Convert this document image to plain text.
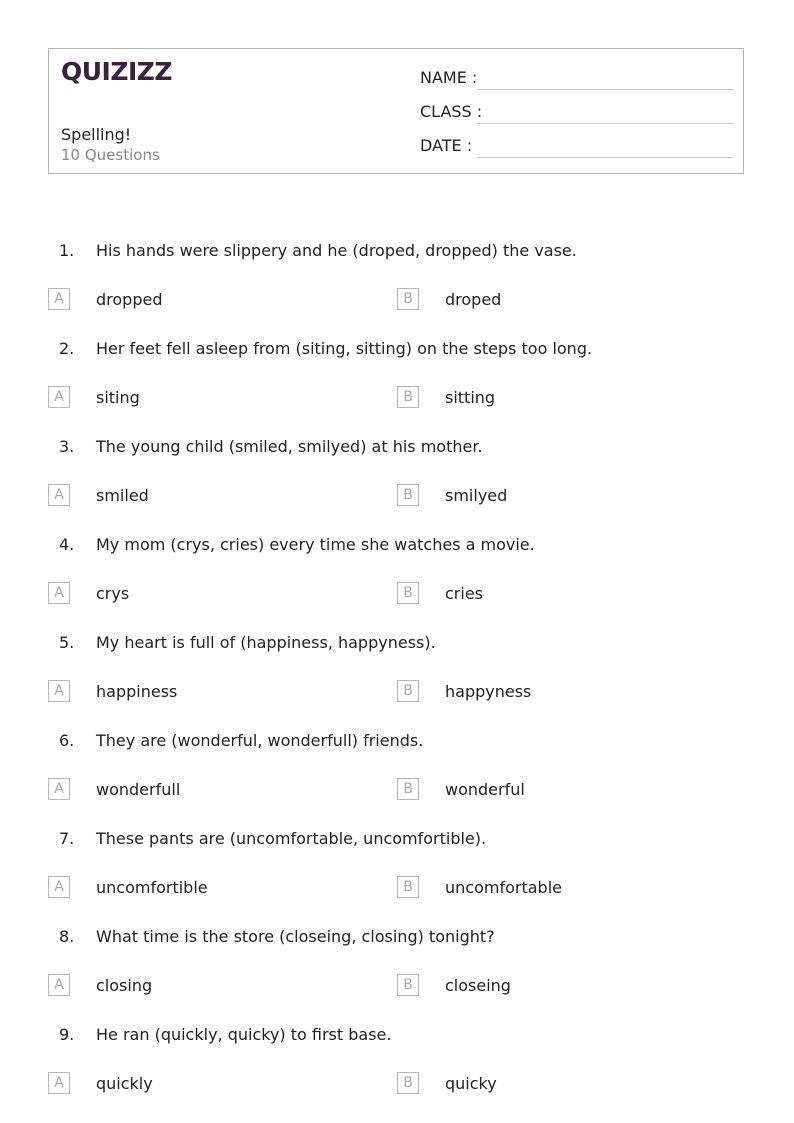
QUIZIZZ
Spelling!
10 Questions
NAME :
CLASS :
DATE :
1. His hands were slippery and he (droped, dropped) the vase.
A	dropped	B	droped
2. Her feet fell asleep from (siting, sitting) on the steps too long.
A	siting	B	sitting
3. The young child (smiled, smilyed) at his mother.
A	smiled	B	smilyed
4. My mom (crys, cries) every time she watches a movie.
A	crys	B	cries
5. My heart is full of (happiness, happyness).
A	happiness	B	happyness
6. They are (wonderful, wonderfull) friends.
A	wonderfull	B	wonderful
7. These pants are (uncomfortable, uncomfortible).
A	uncomfortible	B	uncomfortable
8. What time is the store (closeing, closing) tonight?
A	closing	B	closeing
9. He ran (quickly, quicky) to first base.
A	quickly	B	quicky
